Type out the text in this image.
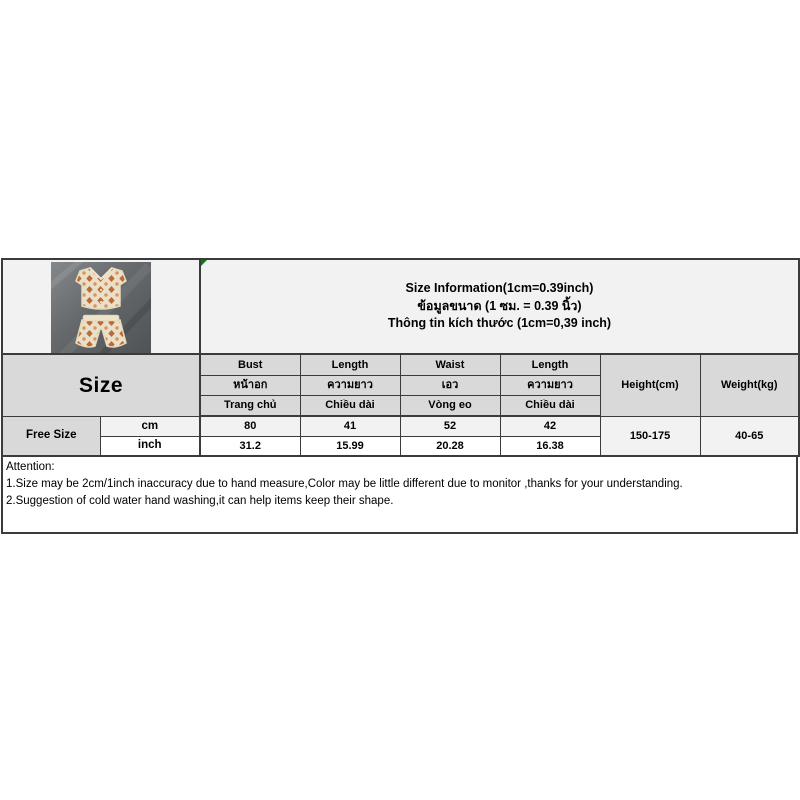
Size Information(1cm=0.39inch)
ข้อมูลขนาด (1 ซม. = 0.39 นิ้ว)
Thông tin kích thước (1cm=0,39 inch)					

Size		Bust	Length	Waist	Length	Height(cm)	Weight(kg)
		หน้าอก	ความยาว	เอว	ความยาว		
		Trang chủ	Chiều dài	Vòng eo	Chiều dài		
Free Size	cm	80	41	52	42	150-175	40-65
	inch	31.2	15.99	20.28	16.38		
Attention:
1.Size may be 2cm/1inch inaccuracy due to hand measure,Color may be little different due to monitor ,thanks for your understanding.
2.Suggestion of cold water hand washing,it can help items keep their shape.
